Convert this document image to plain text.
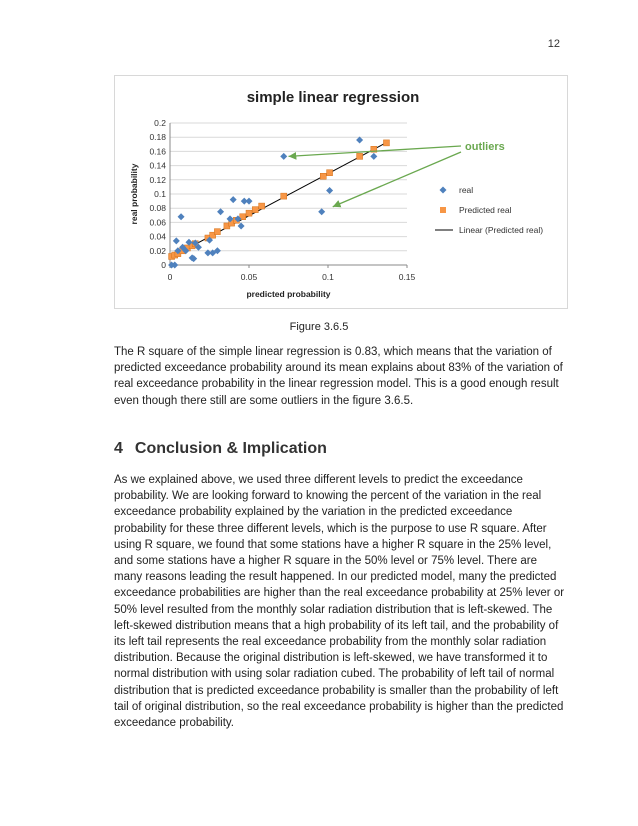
12
0
0.02
0.04
0.06
0.08
0.1
0.12
0.14
0.16
0.18
0.2
0	0.05	0.1	0.15
simple linear regression
predicted probability
real probability
outliers
real
Predicted real
Linear (Predicted real)
Figure 3.6.5

The R square of the simple linear regression is 0.83, which means that the variation of predicted exceedance probability around its mean explains about 83% of the variation of real exceedance probability in the linear regression model. This is a good enough result even though there still are some outliers in the figure 3.6.5.

4 Conclusion & Implication

As we explained above, we used three different levels to predict the exceedance probability. We are looking forward to knowing the percent of the variation in the real exceedance probability explained by the variation in the predicted exceedance probability for these three different levels, which is the purpose to use R square. After using R square, we found that some stations have a higher R square in the 25% level, and some stations have a higher R square in the 50% level or 75% level. There are many reasons leading the result happened. In our predicted model, many the predicted exceedance probabilities are higher than the real exceedance probability at 25% lever or 50% level resulted from the monthly solar radiation distribution that is left-skewed. The left-skewed distribution means that a high probability of its left tail, and the probability of its left tail represents the real exceedance probability from the monthly solar radiation distribution. Because the original distribution is left-skewed, we have transformed it to normal distribution with using solar radiation cubed. The probability of left tail of normal distribution that is predicted exceedance probability is smaller than the probability of left tail of original distribution, so the real exceedance probability is higher than the predicted exceedance probability.
